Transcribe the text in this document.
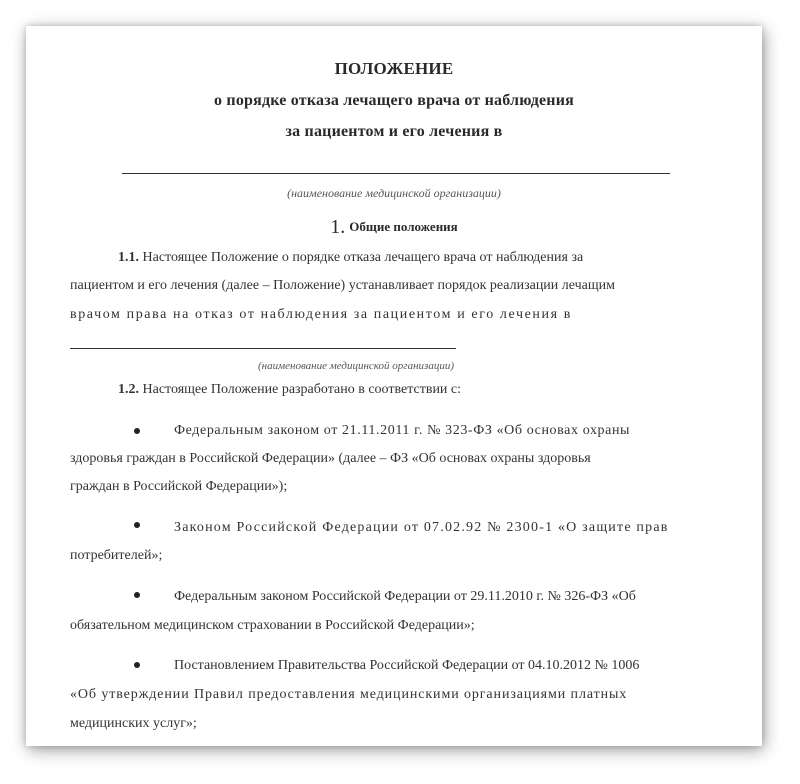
ПОЛОЖЕНИЕ
о порядке отказа лечащего врача от наблюдения
за пациентом и его лечения в
(наименование медицинской организации)
1. Общие положения
1.1. Настоящее Положение о порядке отказа лечащего врача от наблюдения за
пациентом и его лечения (далее – Положение) устанавливает порядок реализации лечащим
врачом права на отказ от наблюдения за пациентом и его лечения в
(наименование медицинской организации)
1.2. Настоящее Положение разработано в соответствии с:
Федеральным законом от 21.11.2011 г. № 323-ФЗ «Об основах охраны
здоровья граждан в Российской Федерации» (далее – ФЗ «Об основах охраны здоровья
граждан в Российской Федерации»);
Законом Российской Федерации от 07.02.92 № 2300-1 «О защите прав
потребителей»;
Федеральным законом Российской Федерации от 29.11.2010 г. № 326-ФЗ «Об
обязательном медицинском страховании в Российской Федерации»;
Постановлением Правительства Российской Федерации от 04.10.2012 № 1006
«Об утверждении Правил предоставления медицинскими организациями платных
медицинских услуг»;
